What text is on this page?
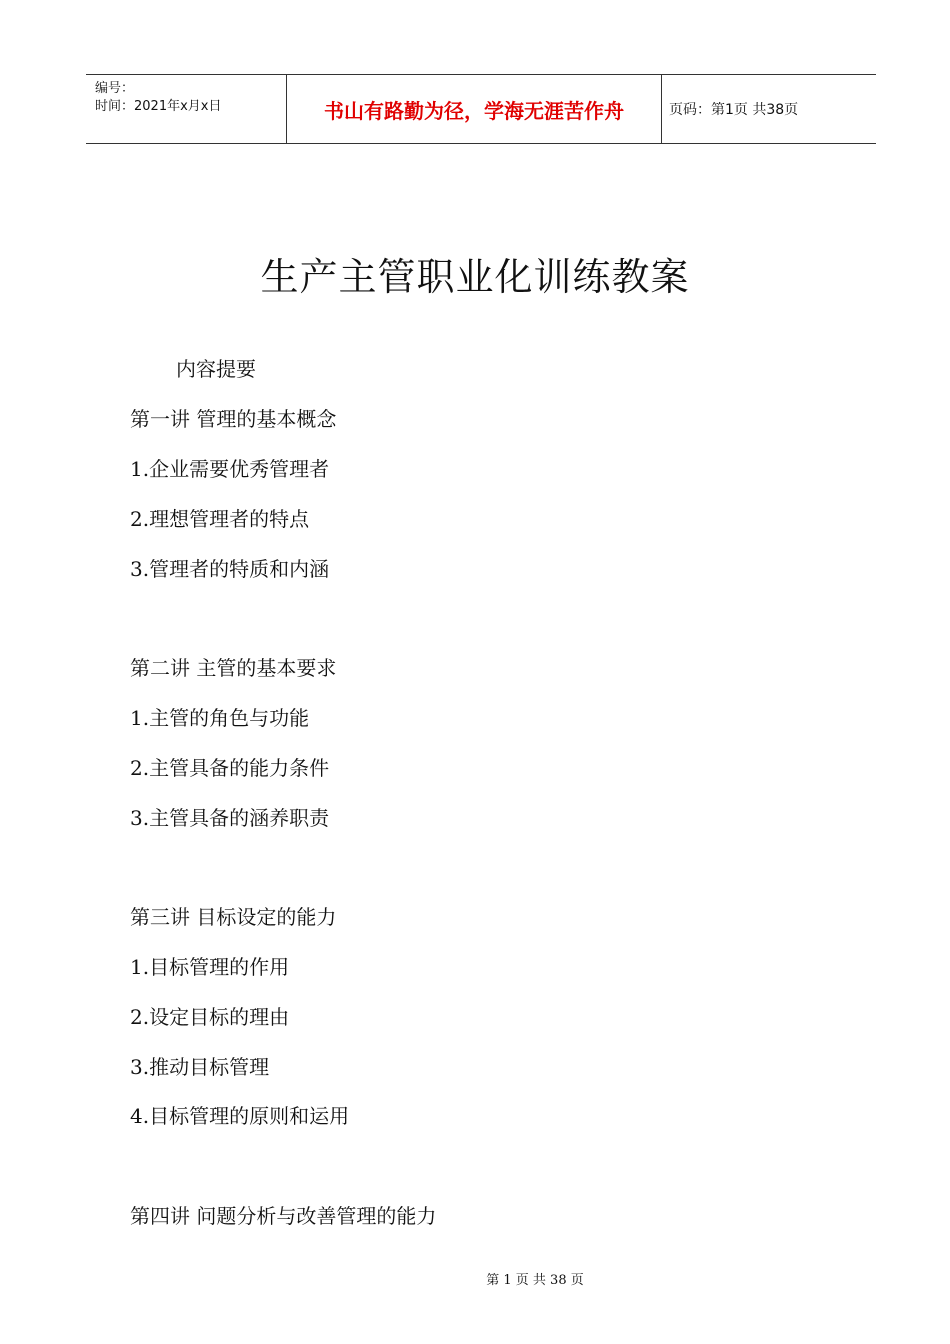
编号：
时间：2021年x月x日	书山有路勤为径，学海无涯苦作舟	页码：第1页 共38页
生产主管职业化训练教案
内容提要
第一讲 管理的基本概念
1.企业需要优秀管理者
2.理想管理者的特点
3.管理者的特质和内涵
第二讲 主管的基本要求
1.主管的角色与功能
2.主管具备的能力条件
3.主管具备的涵养职责
第三讲 目标设定的能力
1.目标管理的作用
2.设定目标的理由
3.推动目标管理
4.目标管理的原则和运用
第四讲 问题分析与改善管理的能力
第 1 页 共 38 页
